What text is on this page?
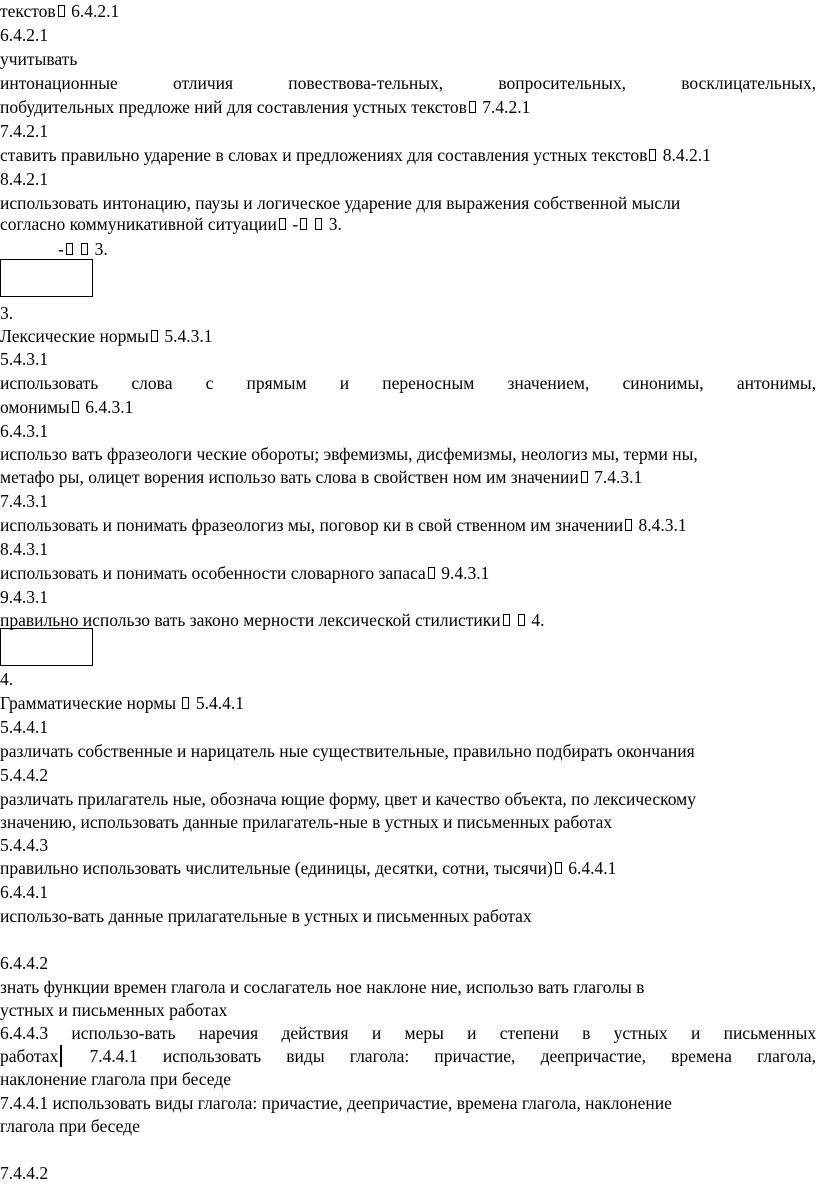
текстов 6.4.2.1
6.4.2.1
учитывать
интонационные	отличия	повествова-тельных,	вопросительных,	восклицательных,
побудительных предложе ний для составления устных текстов 7.4.2.1
7.4.2.1
ставить правильно ударение в словах и предложениях для составления устных текстов 8.4.2.1
8.4.2.1
использовать интонацию, паузы и логическое ударение для выражения собственной мысли
согласно коммуникативной ситуации - 3.
- 3.
3.
Лексические нормы 5.4.3.1
5.4.3.1
использовать слова с прямым и переносным значением, синонимы, антонимы,
омонимы 6.4.3.1
6.4.3.1
использо вать фразеологи ческие обороты; эвфемизмы, дисфемизмы, неологиз мы, терми ны,
метафо ры, олицет ворения использо вать слова в свойствен ном им значении 7.4.3.1
7.4.3.1
использовать и понимать фразеологиз мы, поговор ки в свой ственном им значении 8.4.3.1
8.4.3.1
использовать и понимать особенности словарного запаса 9.4.3.1
9.4.3.1
правильно использо вать законо мерности лексической стилистики 4.
4.
Грамматические нормы 5.4.4.1
5.4.4.1
различать собственные и нарицатель ные существительные, правильно подбирать окончания
5.4.4.2
различать прилагатель ные, обознача ющие форму, цвет и качество объекта, по лексическому
значению, использовать данные прилагатель-ные в устных и письменных работах
5.4.4.3
правильно использовать числительные (единицы, десятки, сотни, тысячи) 6.4.4.1
6.4.4.1
использо-вать данные прилагательные в устных и письменных работах
6.4.4.2
знать функции времен глагола и сослагатель ное наклоне ние, использо вать глаголы в
устных и письменных работах
6.4.4.3 использо-вать наречия действия и меры и степени в устных и письменных
работах 7.4.4.1 использовать виды глагола: причастие, деепричастие, времена глагола,
наклонение глагола при беседе
7.4.4.1 использовать виды глагола: причастие, деепричастие, времена глагола, наклонение
глагола при беседе
7.4.4.2
